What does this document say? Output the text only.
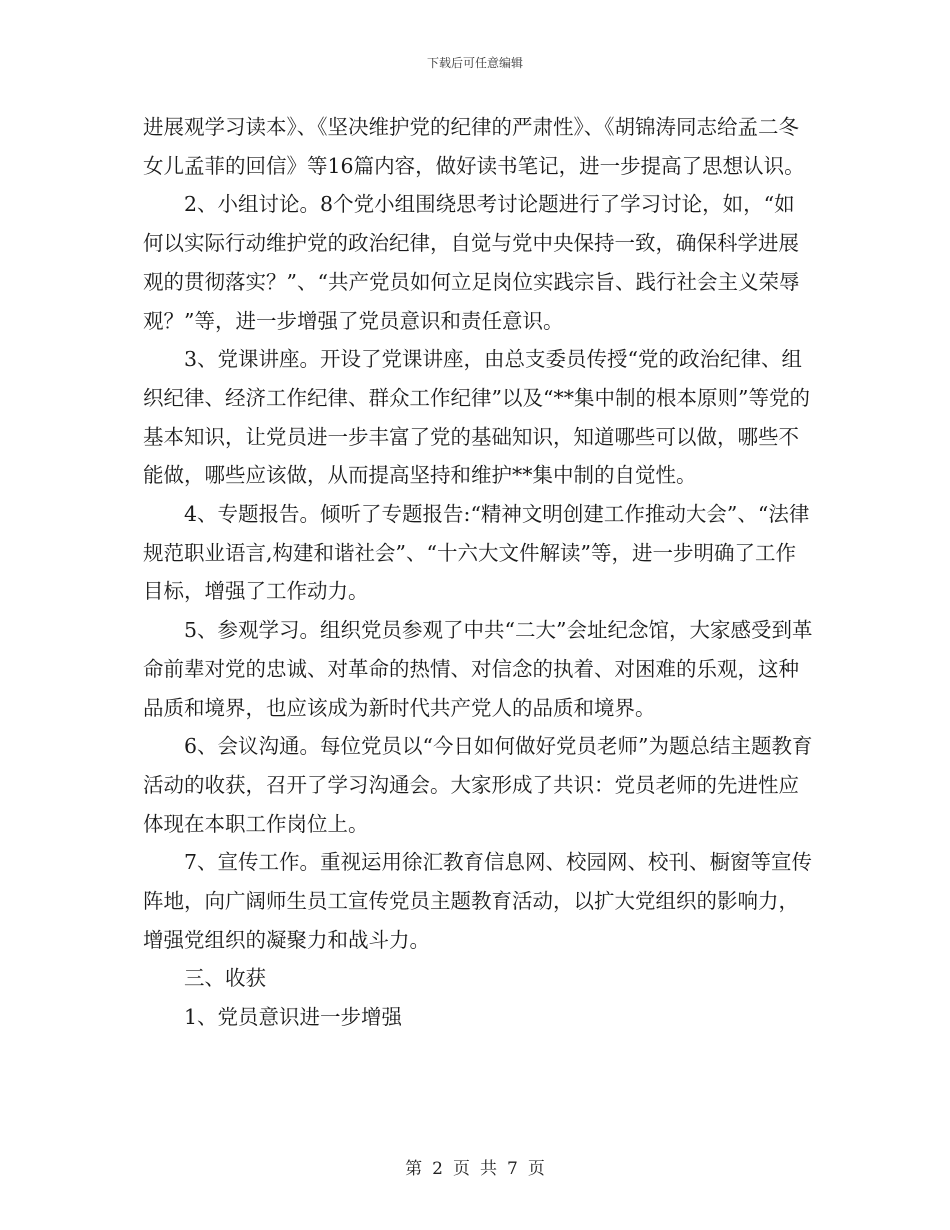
下载后可任意编辑

进展观学习读本》、《坚决维护党的纪律的严肃性》、《胡锦涛同志给孟二冬女儿孟菲的回信》等16篇内容，做好读书笔记，进一步提高了思想认识。

2、小组讨论。8个党小组围绕思考讨论题进行了学习讨论，如，“如何以实际行动维护党的政治纪律，自觉与党中央保持一致，确保科学进展观的贯彻落实？”、“共产党员如何立足岗位实践宗旨、践行社会主义荣辱观？”等，进一步增强了党员意识和责任意识。

3、党课讲座。开设了党课讲座，由总支委员传授“党的政治纪律、组织纪律、经济工作纪律、群众工作纪律”以及“**集中制的根本原则”等党的基本知识，让党员进一步丰富了党的基础知识，知道哪些可以做，哪些不能做，哪些应该做，从而提高坚持和维护**集中制的自觉性。

4、专题报告。倾听了专题报告:“精神文明创建工作推动大会”、“法律规范职业语言,构建和谐社会”、“十六大文件解读”等，进一步明确了工作目标，增强了工作动力。

5、参观学习。组织党员参观了中共“二大”会址纪念馆，大家感受到革命前辈对党的忠诚、对革命的热情、对信念的执着、对困难的乐观，这种品质和境界，也应该成为新时代共产党人的品质和境界。

6、会议沟通。每位党员以“今日如何做好党员老师”为题总结主题教育活动的收获，召开了学习沟通会。大家形成了共识：党员老师的先进性应体现在本职工作岗位上。

7、宣传工作。重视运用徐汇教育信息网、校园网、校刊、橱窗等宣传阵地，向广阔师生员工宣传党员主题教育活动，以扩大党组织的影响力，增强党组织的凝聚力和战斗力。

三、收获

1、党员意识进一步增强

第 2 页 共 7 页
